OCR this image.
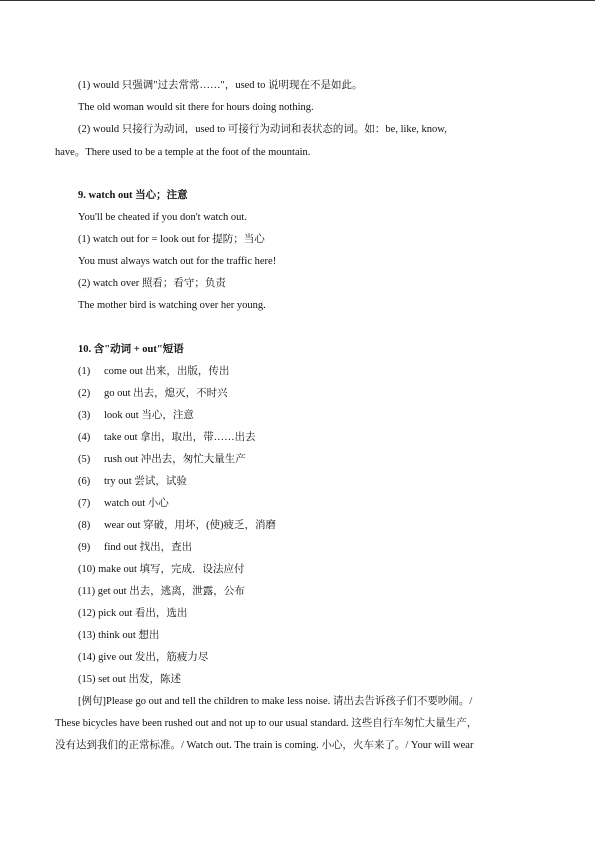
(1) would 只强调"过去常常……"，used to 说明现在不是如此。
The old woman would sit there for hours doing nothing.
(2) would 只接行为动词，used to 可接行为动词和表状态的词。如：be, like, know,
have。There used to be a temple at the foot of the mountain.
9. watch out 当心；注意
You'll be cheated if you don't watch out.
(1) watch out for = look out for 提防；当心
You must always watch out for the traffic here!
(2) watch over 照看；看守；负责
The mother bird is watching over her young.
10. 含"动词 + out"短语
(1) come out 出来，出版，传出
(2) go out 出去，熄灭，不时兴
(3) look out 当心，注意
(4) take out 拿出，取出，带……出去
(5) rush out 冲出去，匆忙大量生产
(6) try out 尝试，试验
(7) watch out 小心
(8) wear out 穿破，用坏，(使)疲乏，消磨
(9) find out 找出，查出
(10) make out 填写，完成．设法应付
(11) get out 出去，逃离，泄露，公布
(12) pick out 看出，选出
(13) think out 想出
(14) give out 发出，筋疲力尽
(15) set out 出发，陈述
[例句]Please go out and tell the children to make less noise. 请出去告诉孩子们不要吵闹。/
These bicycles have been rushed out and not up to our usual standard. 这些自行车匆忙大量生产，
没有达到我们的正常标准。/ Watch out. The train is coming. 小心，火车来了。/ Your will wear
